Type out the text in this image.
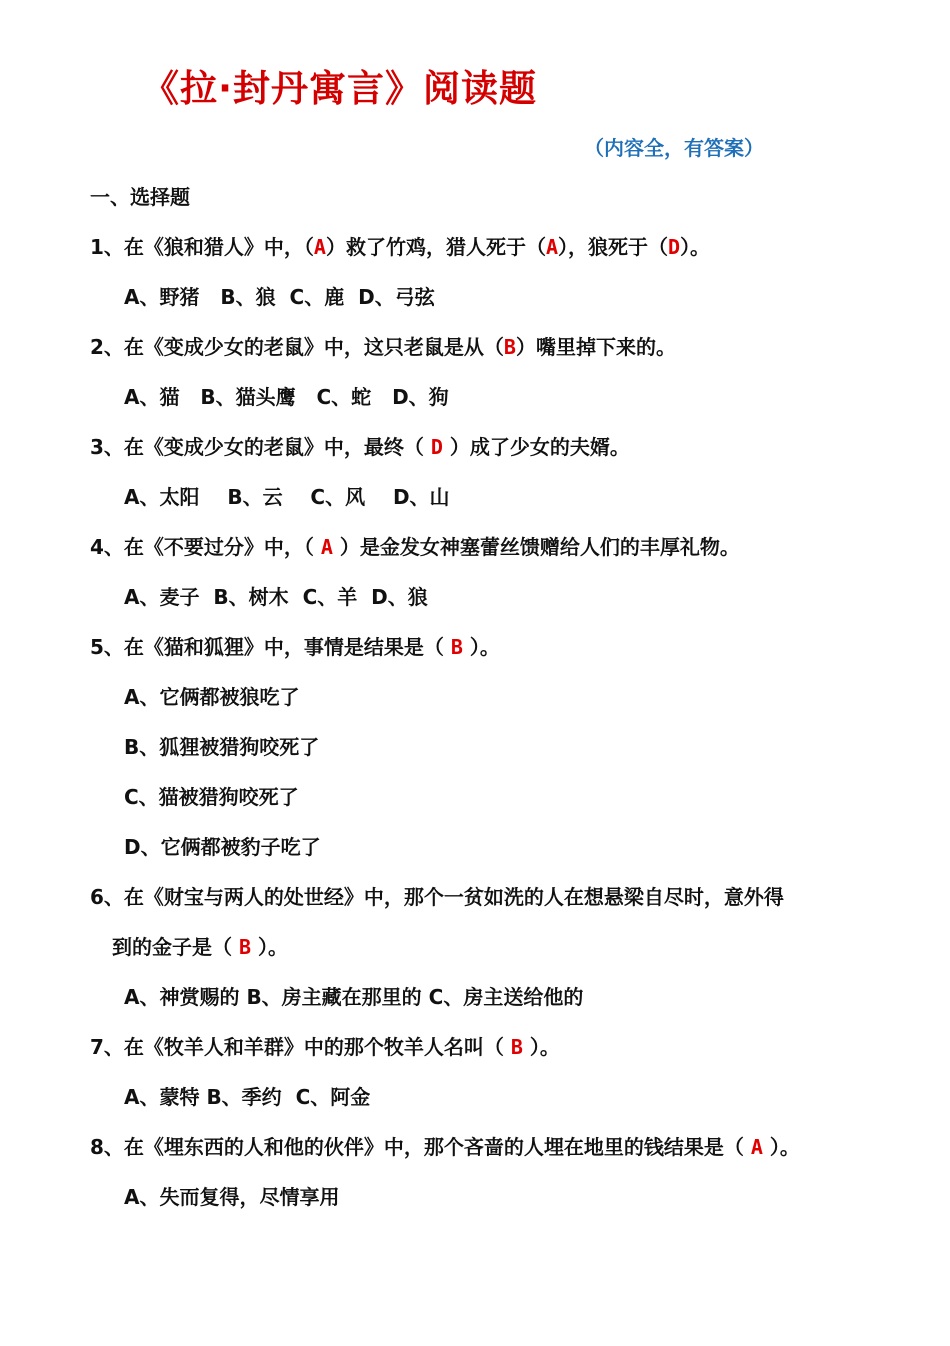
《拉·封丹寓言》阅读题
（内容全，有答案）
一、选择题
1、在《狼和猎人》中，（A）救了竹鸡，猎人死于（A），狼死于（D）。
A、野猪   B、狼  C、鹿  D、弓弦
2、在《变成少女的老鼠》中，这只老鼠是从（B）嘴里掉下来的。
A、猫   B、猫头鹰   C、蛇   D、狗
3、在《变成少女的老鼠》中，最终（ D ）成了少女的夫婿。
A、太阳    B、云    C、风    D、山
4、在《不要过分》中，（ A ）是金发女神塞蕾丝馈赠给人们的丰厚礼物。
A、麦子  B、树木  C、羊  D、狼
5、在《猫和狐狸》中，事情是结果是（ B ）。
A、它俩都被狼吃了
B、狐狸被猎狗咬死了
C、猫被猎狗咬死了
D、它俩都被豹子吃了
6、在《财宝与两人的处世经》中，那个一贫如洗的人在想悬梁自尽时，意外得
到的金子是（ B ）。
A、神赏赐的 B、房主藏在那里的 C、房主送给他的
7、在《牧羊人和羊群》中的那个牧羊人名叫（ B ）。
A、蒙特 B、季约  C、阿金
8、在《埋东西的人和他的伙伴》中，那个吝啬的人埋在地里的钱结果是（ A ）。
A、失而复得，尽情享用
